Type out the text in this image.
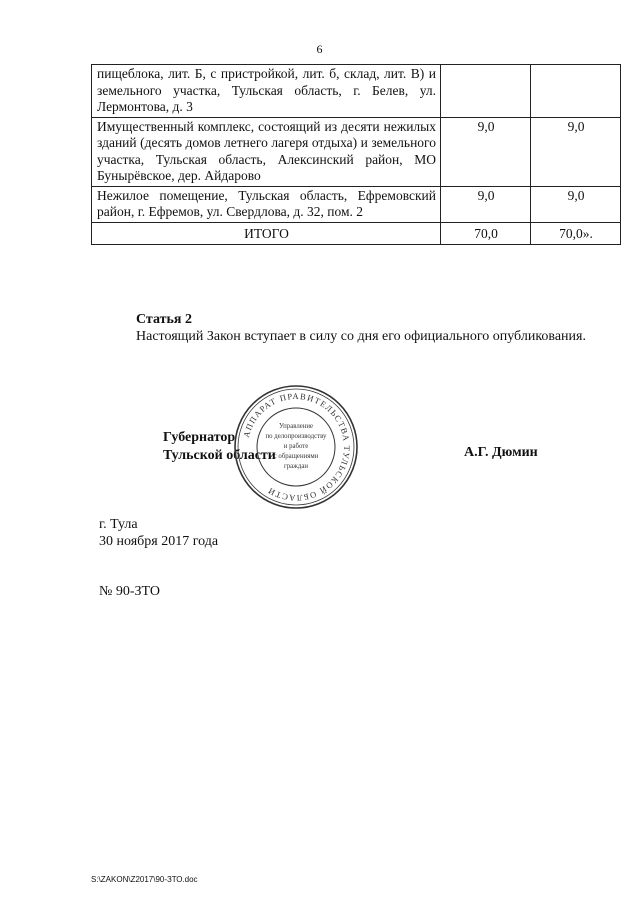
6
пищеблока, лит. Б, с пристройкой, лит. б, склад, лит. В) и земельного участка, Тульская область, г. Белев, ул. Лермонтова, д. 3		
Имущественный комплекс, состоящий из десяти нежилых зданий (десять домов летнего лагеря отдыха) и земельного участка, Тульская область, Алексинский район, МО Бунырёвское, дер. Айдарово	9,0	9,0
Нежилое помещение, Тульская область, Ефремовский район, г. Ефремов, ул. Свердлова, д. 32, пом. 2	9,0	9,0
ИТОГО	70,0	70,0».
Статья 2
Настоящий Закон вступает в силу со дня его официального опубликования.
Губернатор
Тульской области
АППАРАТ ПРАВИТЕЛЬСТВА ТУЛЬСКОЙ ОБЛАСТИ
Управление
по делопроизводству
и работе
с обращениями
граждан
А.Г. Дюмин
г. Тула
30 ноября 2017 года
№ 90-ЗТО
S:\ZAKON\Z2017\90-ЗТО.doc
